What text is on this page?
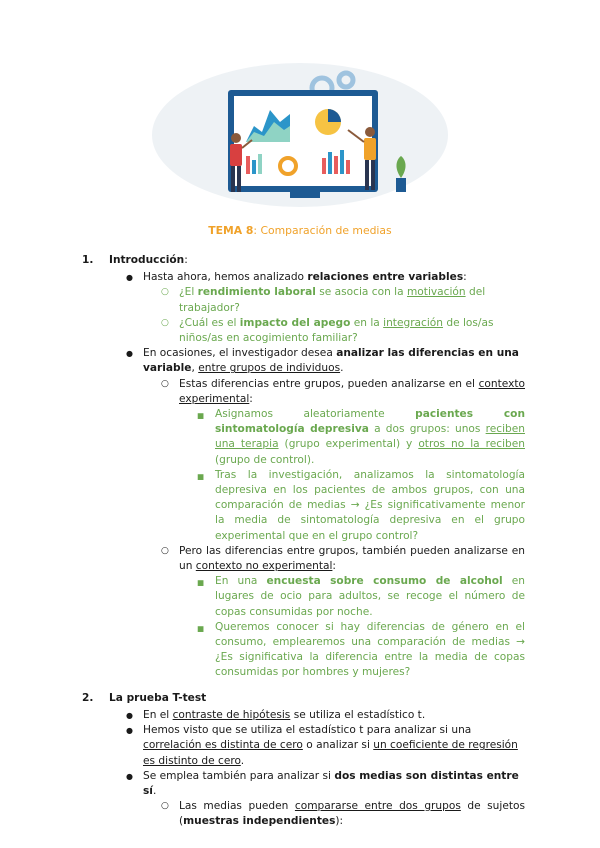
TEMA 8: Comparación de medias
1. Introducción:
● Hasta ahora, hemos analizado relaciones entre variables:
○ ¿El rendimiento laboral se asocia con la motivación del trabajador?
○ ¿Cuál es el impacto del apego en la integración de los/as niños/as en acogimiento familiar?
● En ocasiones, el investigador desea analizar las diferencias en una variable, entre grupos de individuos.
○ Estas diferencias entre grupos, pueden analizarse en el contexto experimental:
■ Asignamos aleatoriamente pacientes con sintomatología depresiva a dos grupos: unos reciben una terapia (grupo experimental) y otros no la reciben (grupo de control).
■ Tras la investigación, analizamos la sintomatología depresiva en los pacientes de ambos grupos, con una comparación de medias → ¿Es significativamente menor la media de sintomatología depresiva en el grupo experimental que en el grupo control?
○ Pero las diferencias entre grupos, también pueden analizarse en un contexto no experimental:
■ En una encuesta sobre consumo de alcohol en lugares de ocio para adultos, se recoge el número de copas consumidas por noche.
■ Queremos conocer si hay diferencias de género en el consumo, emplearemos una comparación de medias → ¿Es significativa la diferencia entre la media de copas consumidas por hombres y mujeres?
2. La prueba T-test
● En el contraste de hipótesis se utiliza el estadístico t.
● Hemos visto que se utiliza el estadístico t para analizar si una correlación es distinta de cero o analizar si un coeficiente de regresión es distinto de cero.
● Se emplea también para analizar si dos medias son distintas entre sí.
○ Las medias pueden compararse entre dos grupos de sujetos (muestras independientes):
